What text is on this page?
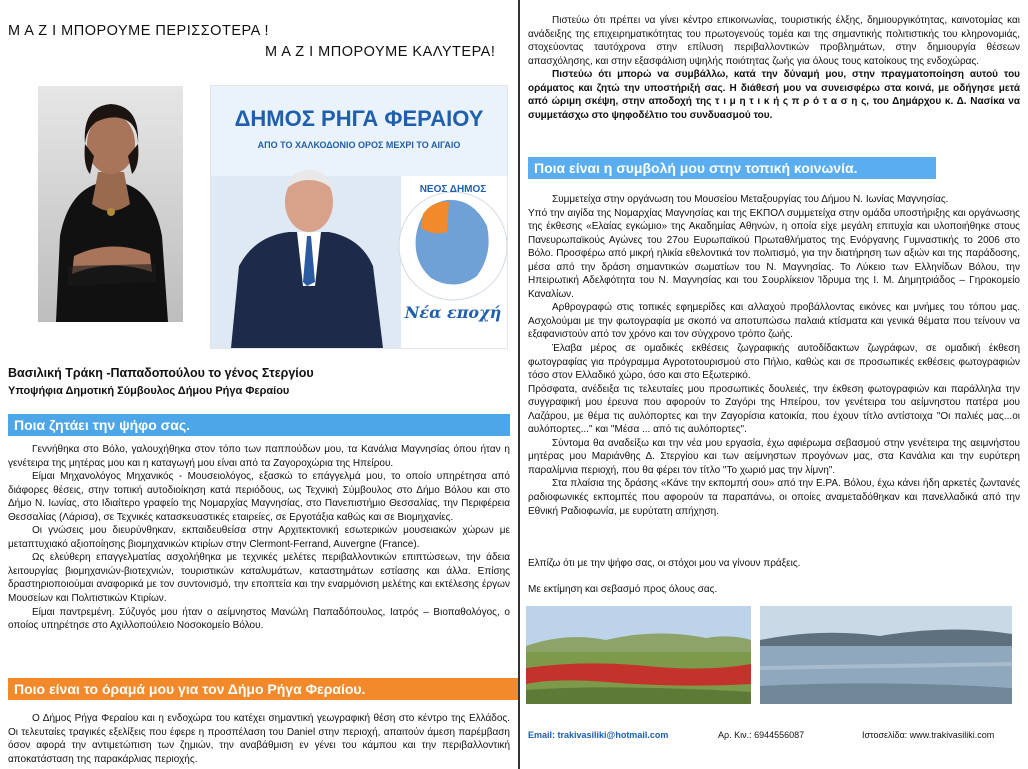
Μ Α Ζ Ι ΜΠΟΡΟΥΜΕ ΠΕΡΙΣΣΟΤΕΡΑ !
Μ Α Ζ Ι ΜΠΟΡΟΥΜΕ ΚΑΛΥΤΕΡΑ!
ΔΗΜΟΣ ΡΗΓΑ ΦΕΡΑΙΟΥ
ΑΠΟ ΤΟ ΧΑΛΚΟΔΟΝΙΟ ΟΡΟΣ ΜΕΧΡΙ ΤΟ ΑΙΓΑΙΟ
ΝΕΟΣ ΔΗΜΟΣ
Νέα εποχή
Βασιλική Τράκη -Παπαδοπούλου το γένος Στεργίου
Υποψήφια Δημοτική Σύμβουλος Δήμου Ρήγα Φεραίου
Ποια ζητάει την ψήφο σας.

Γεννήθηκα στο Βόλο, γαλουχήθηκα στον τόπο των παππούδων μου, τα Κανάλια Μαγνησίας όπου ήταν η γενέτειρα της μητέρας μου και η καταγωγή μου είναι από τα Ζαγοροχώρια της Ηπείρου.

Είμαι Μηχανολόγος Μηχανικός - Μουσειολόγος, εξασκώ το επάγγελμά μου, το οποίο υπηρέτησα από διάφορες θέσεις, στην τοπική αυτοδιοίκηση κατά περιόδους, ως Τεχνική Σύμβουλος στο Δήμο Βόλου και στο Δήμο Ν. Ιωνίας, στο Ιδιαίτερο γραφείο της Νομαρχίας Μαγνησίας, στο Πανεπιστήμιο Θεσσαλίας, την Περιφέρεια Θεσσαλίας (Λάρισα), σε Τεχνικές κατασκευαστικές εταιρείες, σε Εργοτάξια καθώς και σε Βιομηχανίες.

Οι γνώσεις μου διευρύνθηκαν, εκπαιδευθείσα στην Αρχιτεκτονική εσωτερικών μουσειακών χώρων με μεταπτυχιακό αξιοποίησης βιομηχανικών κτιρίων στην Clermont-Ferrand, Auvergne (France).

Ως ελεύθερη επαγγελματίας ασχολήθηκα με τεχνικές μελέτες περιβαλλοντικών επιπτώσεων, την άδεια λειτουργίας βιομηχανιών-βιοτεχνιών, τουριστικών καταλυμάτων, καταστημάτων εστίασης και άλλα. Επίσης δραστηριοποιούμαι αναφορικά με τον συντονισμό, την εποπτεία και την εναρμόνιση μελέτης και εκτέλεσης έργων Μουσείων και Πολιτιστικών Κτιρίων.

Είμαι παντρεμένη. Σύζυγός μου ήταν ο αείμνηστος Μανώλη Παπαδόπουλος, Ιατρός – Βιοπαθολόγος, ο οποίος υπηρέτησε στο Αχιλλοπούλειο Νοσοκομείο Βόλου.

Ποιο είναι το όραμά μου για τον Δήμο Ρήγα Φεραίου.

Ο Δήμος Ρήγα Φεραίου και η ενδοχώρα του κατέχει σημαντική γεωγραφική θέση στο κέντρο της Ελλάδος. Οι τελευταίες τραγικές εξελίξεις που έφερε η προσπέλαση του Daniel στην περιοχή, απαιτούν άμεση παρέμβαση όσον αφορά την αντιμετώπιση των ζημιών, την αναβάθμιση εν γένει του κάμπου και την περιβαλλοντική αποκατάσταση της παρακάρλιας περιοχής.

Πιστεύω ότι πρέπει να γίνει κέντρο επικοινωνίας, τουριστικής έλξης, δημιουργικότητας, καινοτομίας και ανάδειξης της επιχειρηματικότητας του πρωτογενούς τομέα και της σημαντικής πολιτιστικής του κληρονομιάς, στοχεύοντας ταυτόχρονα στην επίλυση περιβαλλοντικών προβλημάτων, στην δημιουργία θέσεων απασχόλησης, και στην εξασφάλιση υψηλής ποιότητας ζωής για όλους τους κατοίκους της ενδοχώρας.

Πιστεύω ότι μπορώ να συμβάλλω, κατά την δύναμή μου, στην πραγματοποίηση αυτού του οράματος και ζητώ την υποστήριξή σας. Η διάθεσή μου να συνεισφέρω στα κοινά, με οδήγησε μετά από ώριμη σκέψη, στην αποδοχή της τ ι μ η τ ι κ ή ς π ρ ό τ α σ η ς, του Δημάρχου κ. Δ. Νασίκα να συμμετάσχω στο ψηφοδέλτιο του συνδυασμού του.

Ποια είναι η συμβολή μου στην τοπική κοινωνία.

Συμμετείχα στην οργάνωση του Μουσείου Μεταξουργίας του Δήμου Ν. Ιωνίας Μαγνησίας.

Υπό την αιγίδα της Νομαρχίας Μαγνησίας και της ΕΚΠΟΛ συμμετείχα στην ομάδα υποστήριξης και οργάνωσης της έκθεσης «Ελαίας εγκώμιο» της Ακαδημίας Αθηνών, η οποία είχε μεγάλη επιτυχία και υλοποιήθηκε στους Πανευρωπαϊκούς Αγώνες του 27ου Ευρωπαϊκού Πρωταθλήματος της Ενόργανης Γυμναστικής το 2006 στο Βόλο. Προσφέρω από μικρή ηλικία εθελοντικά τον πολιτισμό, για την διατήρηση των αξιών και της παράδοσης, μέσα από την δράση σημαντικών σωματίων του Ν. Μαγνησίας. Το Λύκειο των Ελληνίδων Βόλου, την Ηπειρωτική Αδελφότητα του Ν. Μαγνησίας και του Σουρλίκειον Ίδρυμα της Ι. Μ. Δημητριάδος – Γηροκομείο Καναλίων.

Αρθρογραφώ στις τοπικές εφημερίδες και αλλαχού προβάλλοντας εικόνες και μνήμες του τόπου μας. Ασχολούμαι με την φωτογραφία με σκοπό να αποτυπώσω παλαιά κτίσματα και γενικά θέματα που τείνουν να εξαφανιστούν από τον χρόνο και τον σύγχρονο τρόπο ζωής.

Έλαβα μέρος σε ομαδικές εκθέσεις ζωγραφικής αυτοδίδακτων ζωγράφων, σε ομαδική έκθεση φωτογραφίας για πρόγραμμα Αγροτοτουρισμού στο Πήλιο, καθώς και σε προσωπικές εκθέσεις φωτογραφιών τόσο στον Ελλαδικό χώρο, όσο και στο Εξωτερικό.

Πρόσφατα, ανέδειξα τις τελευταίες μου προσωπικές δουλειές, την έκθεση φωτογραφιών και παράλληλα την συγγραφική μου έρευνα που αφορούν το Ζαγόρι της Ηπείρου, τον γενέτειρα του αείμνηστου πατέρα μου Λαζάρου, με θέμα τις αυλόπορτες και την Ζαγορίσια κατοικία, που έχουν τίτλο αντίστοιχα "Οι παλιές μας...οι αυλόπορτες..." και "Μέσα ... από τις αυλόπορτες".

Σύντομα θα αναδείξω και την νέα μου εργασία, έχω αφιέρωμα σεβασμού στην γενέτειρα της αειμνήστου μητέρας μου Μαριάνθης Δ. Στεργίου και των αείμνηστων προγόνων μας, στα Κανάλια και την ευρύτερη παραλίμνια περιοχή, που θα φέρει τον τίτλο "Το χωριό μας την λίμνη".

Στα πλαίσια της δράσης «Κάνε την εκπομπή σου» από την Ε.ΡΑ. Βόλου, έχω κάνει ήδη αρκετές ζωντανές ραδιοφωνικές εκπομπές που αφορούν τα παραπάνω, οι οποίες αναμεταδόθηκαν και πανελλαδικά από την Εθνική Ραδιοφωνία, με ευρύτατη απήχηση.

Ελπίζω ότι με την ψήφο σας, οι στόχοι μου να γίνουν πράξεις.
Με εκτίμηση και σεβασμό προς όλους σας.
Email: trakivasiliki@hotmail.com	Αρ. Κιν.: 6944556087	Ιστοσελίδα: www.trakivasiliki.com
